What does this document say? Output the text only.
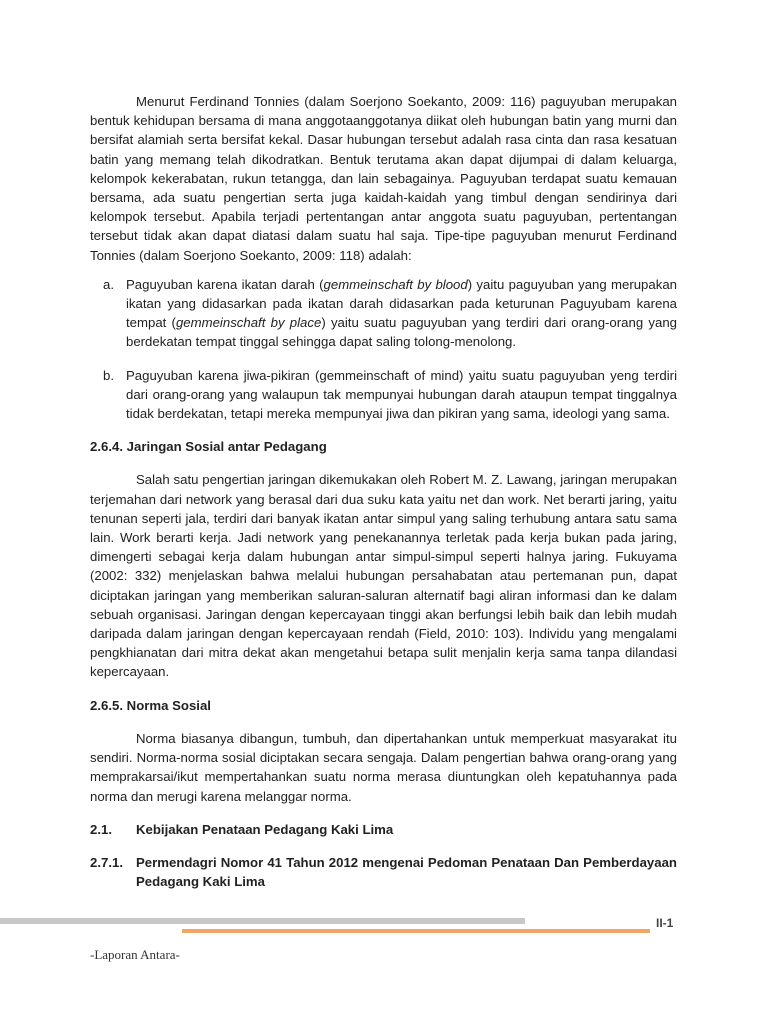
Menurut Ferdinand Tonnies (dalam Soerjono Soekanto, 2009: 116) paguyuban merupakan bentuk kehidupan bersama di mana anggotaanggotanya diikat oleh hubungan batin yang murni dan bersifat alamiah serta bersifat kekal. Dasar hubungan tersebut adalah rasa cinta dan rasa kesatuan batin yang memang telah dikodratkan. Bentuk terutama akan dapat dijumpai di dalam keluarga, kelompok kekerabatan, rukun tetangga, dan lain sebagainya. Paguyuban terdapat suatu kemauan bersama, ada suatu pengertian serta juga kaidah-kaidah yang timbul dengan sendirinya dari kelompok tersebut. Apabila terjadi pertentangan antar anggota suatu paguyuban, pertentangan tersebut tidak akan dapat diatasi dalam suatu hal saja. Tipe-tipe paguyuban menurut Ferdinand Tonnies (dalam Soerjono Soekanto, 2009: 118) adalah:

a. Paguyuban karena ikatan darah (gemmeinschaft by blood) yaitu paguyuban yang merupakan ikatan yang didasarkan pada ikatan darah didasarkan pada keturunan Paguyubam karena tempat (gemmeinschaft by place) yaitu suatu paguyuban yang terdiri dari orang-orang yang berdekatan tempat tinggal sehingga dapat saling tolong-menolong.
b. Paguyuban karena jiwa-pikiran (gemmeinschaft of mind) yaitu suatu paguyuban yeng terdiri dari orang-orang yang walaupun tak mempunyai hubungan darah ataupun tempat tinggalnya tidak berdekatan, tetapi mereka mempunyai jiwa dan pikiran yang sama, ideologi yang sama.
2.6.4. Jaringan Sosial antar Pedagang

Salah satu pengertian jaringan dikemukakan oleh Robert M. Z. Lawang, jaringan merupakan terjemahan dari network yang berasal dari dua suku kata yaitu net dan work. Net berarti jaring, yaitu tenunan seperti jala, terdiri dari banyak ikatan antar simpul yang saling terhubung antara satu sama lain. Work berarti kerja. Jadi network yang penekanannya terletak pada kerja bukan pada jaring, dimengerti sebagai kerja dalam hubungan antar simpul-simpul seperti halnya jaring. Fukuyama (2002: 332) menjelaskan bahwa melalui hubungan persahabatan atau pertemanan pun, dapat diciptakan jaringan yang memberikan saluran-saluran alternatif bagi aliran informasi dan ke dalam sebuah organisasi. Jaringan dengan kepercayaan tinggi akan berfungsi lebih baik dan lebih mudah daripada dalam jaringan dengan kepercayaan rendah (Field, 2010: 103). Individu yang mengalami pengkhianatan dari mitra dekat akan mengetahui betapa sulit menjalin kerja sama tanpa dilandasi kepercayaan.

2.6.5. Norma Sosial

Norma biasanya dibangun, tumbuh, dan dipertahankan untuk memperkuat masyarakat itu sendiri. Norma-norma sosial diciptakan secara sengaja. Dalam pengertian bahwa orang-orang yang memprakarsai/ikut mempertahankan suatu norma merasa diuntungkan oleh kepatuhannya pada norma dan merugi karena melanggar norma.

2.1. Kebijakan Penataan Pedagang Kaki Lima
2.7.1. Permendagri Nomor 41 Tahun 2012 mengenai Pedoman Penataan Dan Pemberdayaan Pedagang Kaki Lima
II-1
-Laporan Antara-
